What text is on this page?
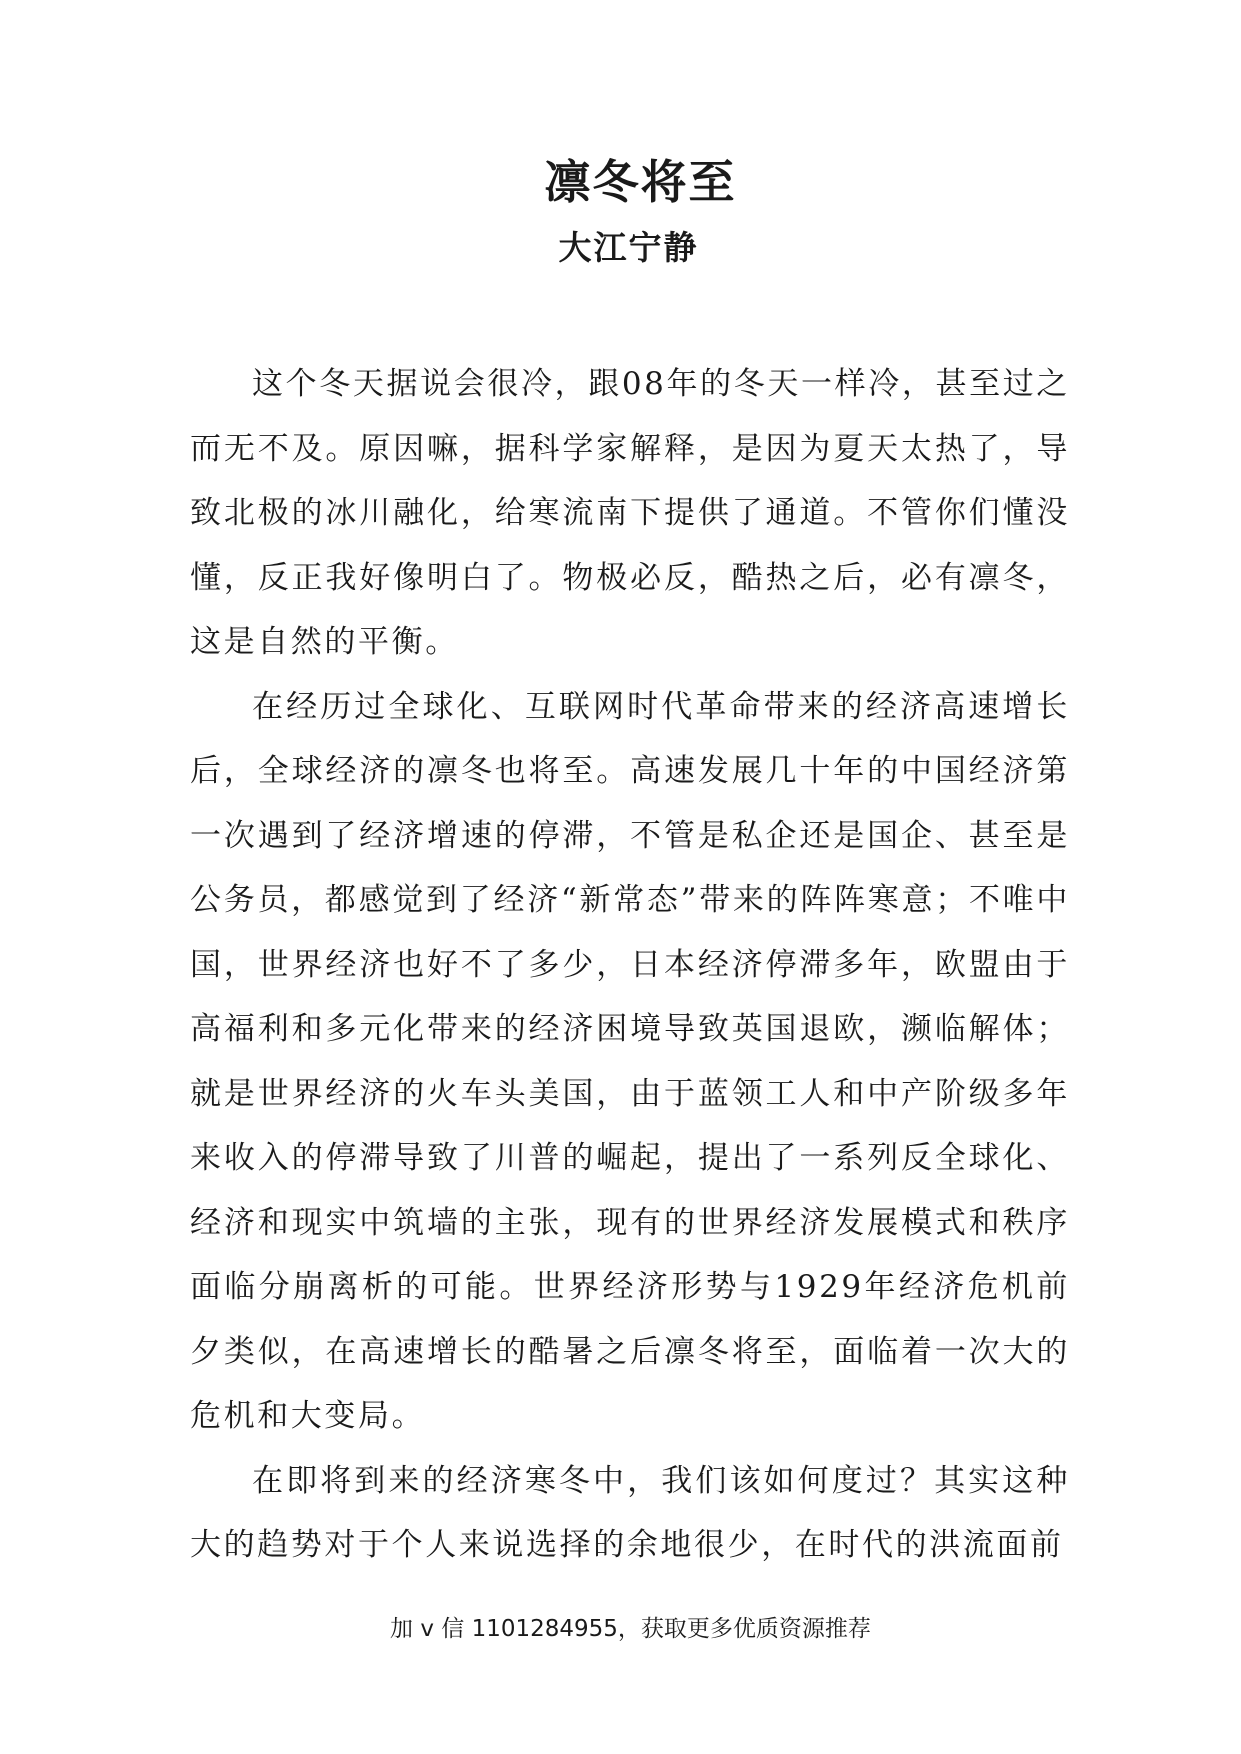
凛冬将至
大江宁静

这个冬天据说会很冷，跟08年的冬天一样冷，甚至过之而无不及。原因嘛，据科学家解释，是因为夏天太热了，导致北极的冰川融化，给寒流南下提供了通道。不管你们懂没懂，反正我好像明白了。物极必反，酷热之后，必有凛冬，这是自然的平衡。

在经历过全球化、互联网时代革命带来的经济高速增长后，全球经济的凛冬也将至。高速发展几十年的中国经济第一次遇到了经济增速的停滞，不管是私企还是国企、甚至是公务员，都感觉到了经济“新常态”带来的阵阵寒意；不唯中国，世界经济也好不了多少，日本经济停滞多年，欧盟由于高福利和多元化带来的经济困境导致英国退欧，濒临解体；就是世界经济的火车头美国，由于蓝领工人和中产阶级多年来收入的停滞导致了川普的崛起，提出了一系列反全球化、经济和现实中筑墙的主张，现有的世界经济发展模式和秩序面临分崩离析的可能。世界经济形势与1929年经济危机前夕类似，在高速增长的酷暑之后凛冬将至，面临着一次大的危机和大变局。

在即将到来的经济寒冬中，我们该如何度过？其实这种大的趋势对于个人来说选择的余地很少，在时代的洪流面前

加 v 信 1101284955，获取更多优质资源推荐
